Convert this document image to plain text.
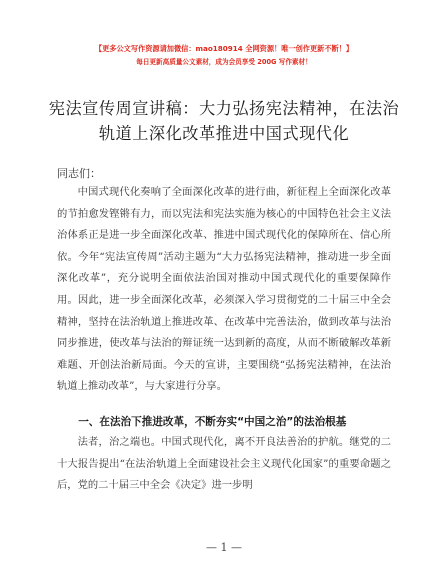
【更多公文写作资源请加微信：mao180914 全网资源！唯一创作更新不断！】
每日更新高质量公文素材，成为会员享受 200G 写作素材！
宪法宣传周宣讲稿：大力弘扬宪法精神，在法治轨道上深化改革推进中国式现代化
同志们：

中国式现代化奏响了全面深化改革的进行曲，新征程上全面深化改革的节拍愈发铿锵有力，而以宪法和宪法实施为核心的中国特色社会主义法治体系正是进一步全面深化改革、推进中国式现代化的保障所在、信心所依。今年“宪法宣传周”活动主题为“大力弘扬宪法精神，推动进一步全面深化改革”，充分说明全面依法治国对推动中国式现代化的重要保障作用。因此，进一步全面深化改革，必须深入学习贯彻党的二十届三中全会精神，坚持在法治轨道上推进改革、在改革中完善法治，做到改革与法治同步推进，使改革与法治的辩证统一达到新的高度，从而不断破解改革新难题、开创法治新局面。今天的宣讲，主要围绕“弘扬宪法精神，在法治轨道上推动改革”，与大家进行分享。

一、在法治下推进改革，不断夯实“中国之治”的法治根基

法者，治之端也。中国式现代化，离不开良法善治的护航。继党的二十大报告提出“在法治轨道上全面建设社会主义现代化国家”的重要命题之后，党的二十届三中全会《决定》进一步明

— 1 —
